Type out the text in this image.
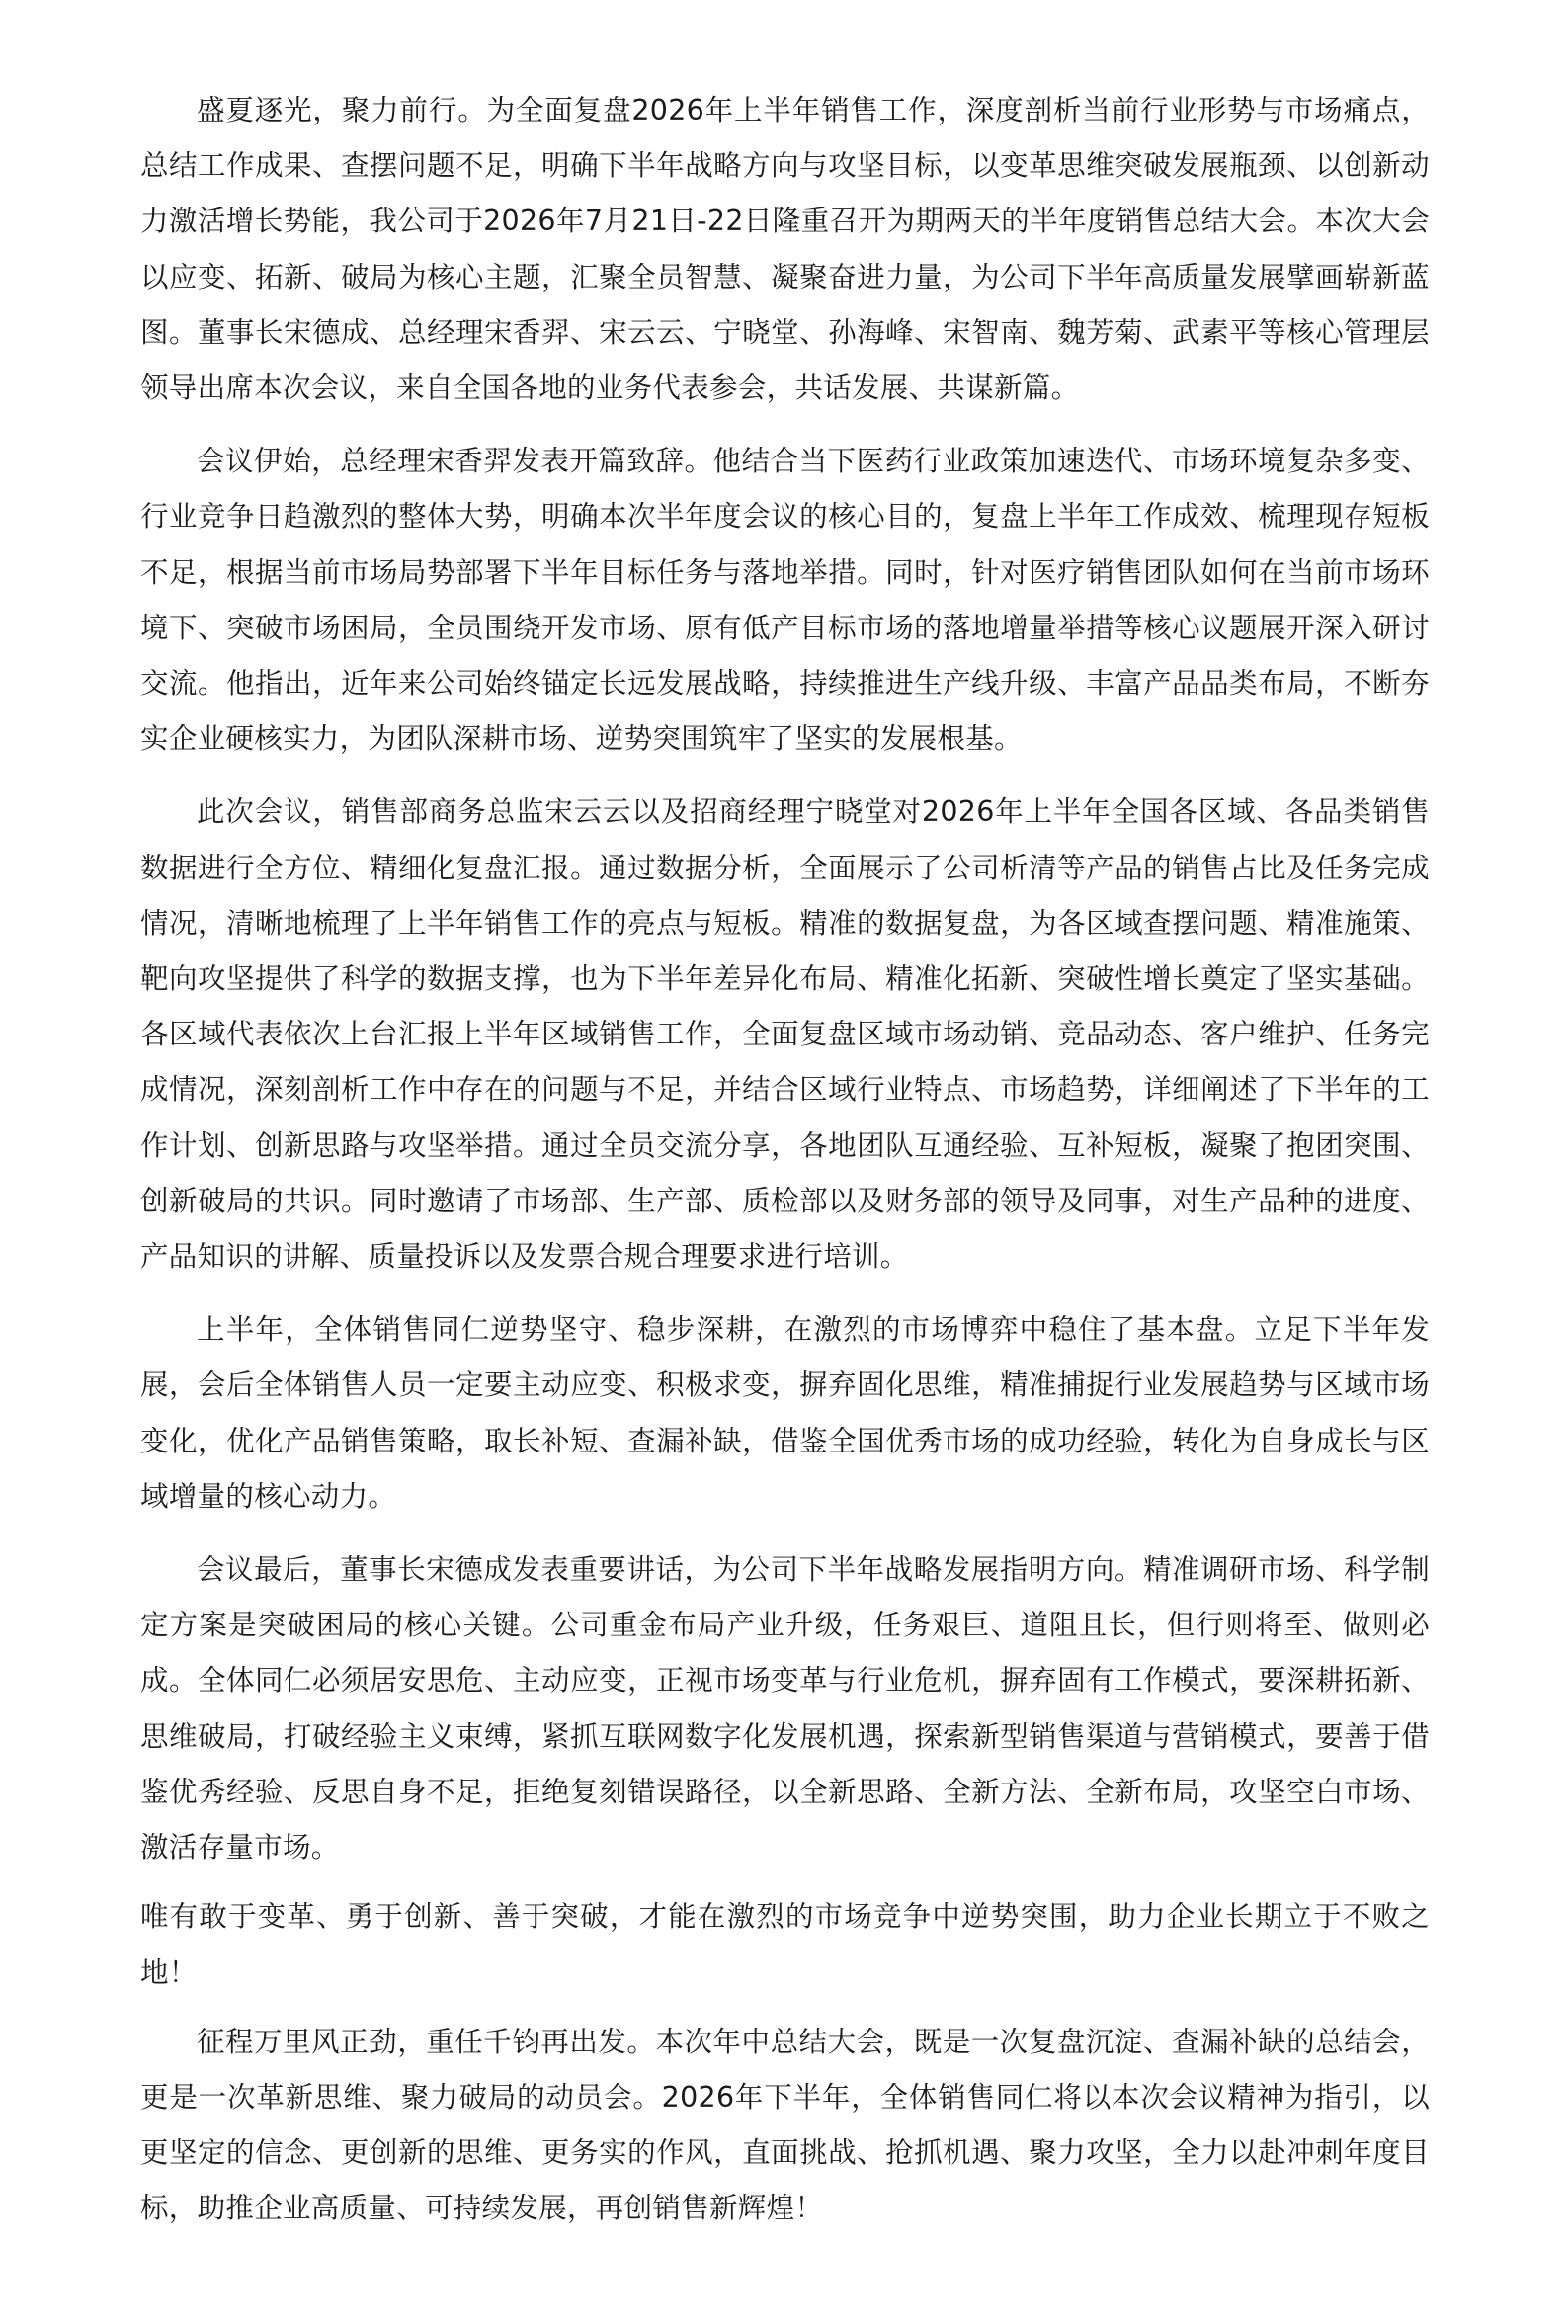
盛夏逐光，聚力前行。为全面复盘2026年上半年销售工作，深度剖析当前行业形势与市场痛点，总结工作成果、查摆问题不足，明确下半年战略方向与攻坚目标，以变革思维突破发展瓶颈、以创新动力激活增长势能，我公司于2026年7月21日-22日隆重召开为期两天的半年度销售总结大会。本次大会以应变、拓新、破局为核心主题，汇聚全员智慧、凝聚奋进力量，为公司下半年高质量发展擘画崭新蓝图。董事长宋德成、总经理宋香羿、宋云云、宁晓堂、孙海峰、宋智南、魏芳菊、武素平等核心管理层领导出席本次会议，来自全国各地的业务代表参会，共话发展、共谋新篇。

会议伊始，总经理宋香羿发表开篇致辞。他结合当下医药行业政策加速迭代、市场环境复杂多变、行业竞争日趋激烈的整体大势，明确本次半年度会议的核心目的，复盘上半年工作成效、梳理现存短板不足，根据当前市场局势部署下半年目标任务与落地举措。同时，针对医疗销售团队如何在当前市场环境下、突破市场困局，全员围绕开发市场、原有低产目标市场的落地增量举措等核心议题展开深入研讨交流。他指出，近年来公司始终锚定长远发展战略，持续推进生产线升级、丰富产品品类布局，不断夯实企业硬核实力，为团队深耕市场、逆势突围筑牢了坚实的发展根基。

此次会议，销售部商务总监宋云云以及招商经理宁晓堂对2026年上半年全国各区域、各品类销售数据进行全方位、精细化复盘汇报。通过数据分析，全面展示了公司析清等产品的销售占比及任务完成情况，清晰地梳理了上半年销售工作的亮点与短板。精准的数据复盘，为各区域查摆问题、精准施策、靶向攻坚提供了科学的数据支撑，也为下半年差异化布局、精准化拓新、突破性增长奠定了坚实基础。各区域代表依次上台汇报上半年区域销售工作，全面复盘区域市场动销、竞品动态、客户维护、任务完成情况，深刻剖析工作中存在的问题与不足，并结合区域行业特点、市场趋势，详细阐述了下半年的工作计划、创新思路与攻坚举措。通过全员交流分享，各地团队互通经验、互补短板，凝聚了抱团突围、创新破局的共识。同时邀请了市场部、生产部、质检部以及财务部的领导及同事，对生产品种的进度、产品知识的讲解、质量投诉以及发票合规合理要求进行培训。

上半年，全体销售同仁逆势坚守、稳步深耕，在激烈的市场博弈中稳住了基本盘。立足下半年发展，会后全体销售人员一定要主动应变、积极求变，摒弃固化思维，精准捕捉行业发展趋势与区域市场变化，优化产品销售策略，取长补短、查漏补缺，借鉴全国优秀市场的成功经验，转化为自身成长与区域增量的核心动力。

会议最后，董事长宋德成发表重要讲话，为公司下半年战略发展指明方向。精准调研市场、科学制定方案是突破困局的核心关键。公司重金布局产业升级，任务艰巨、道阻且长，但行则将至、做则必成。全体同仁必须居安思危、主动应变，正视市场变革与行业危机，摒弃固有工作模式，要深耕拓新、思维破局，打破经验主义束缚，紧抓互联网数字化发展机遇，探索新型销售渠道与营销模式，要善于借鉴优秀经验、反思自身不足，拒绝复刻错误路径，以全新思路、全新方法、全新布局，攻坚空白市场、激活存量市场。

唯有敢于变革、勇于创新、善于突破，才能在激烈的市场竞争中逆势突围，助力企业长期立于不败之地！

征程万里风正劲，重任千钧再出发。本次年中总结大会，既是一次复盘沉淀、查漏补缺的总结会，更是一次革新思维、聚力破局的动员会。2026年下半年，全体销售同仁将以本次会议精神为指引，以更坚定的信念、更创新的思维、更务实的作风，直面挑战、抢抓机遇、聚力攻坚，全力以赴冲刺年度目标，助推企业高质量、可持续发展，再创销售新辉煌！
